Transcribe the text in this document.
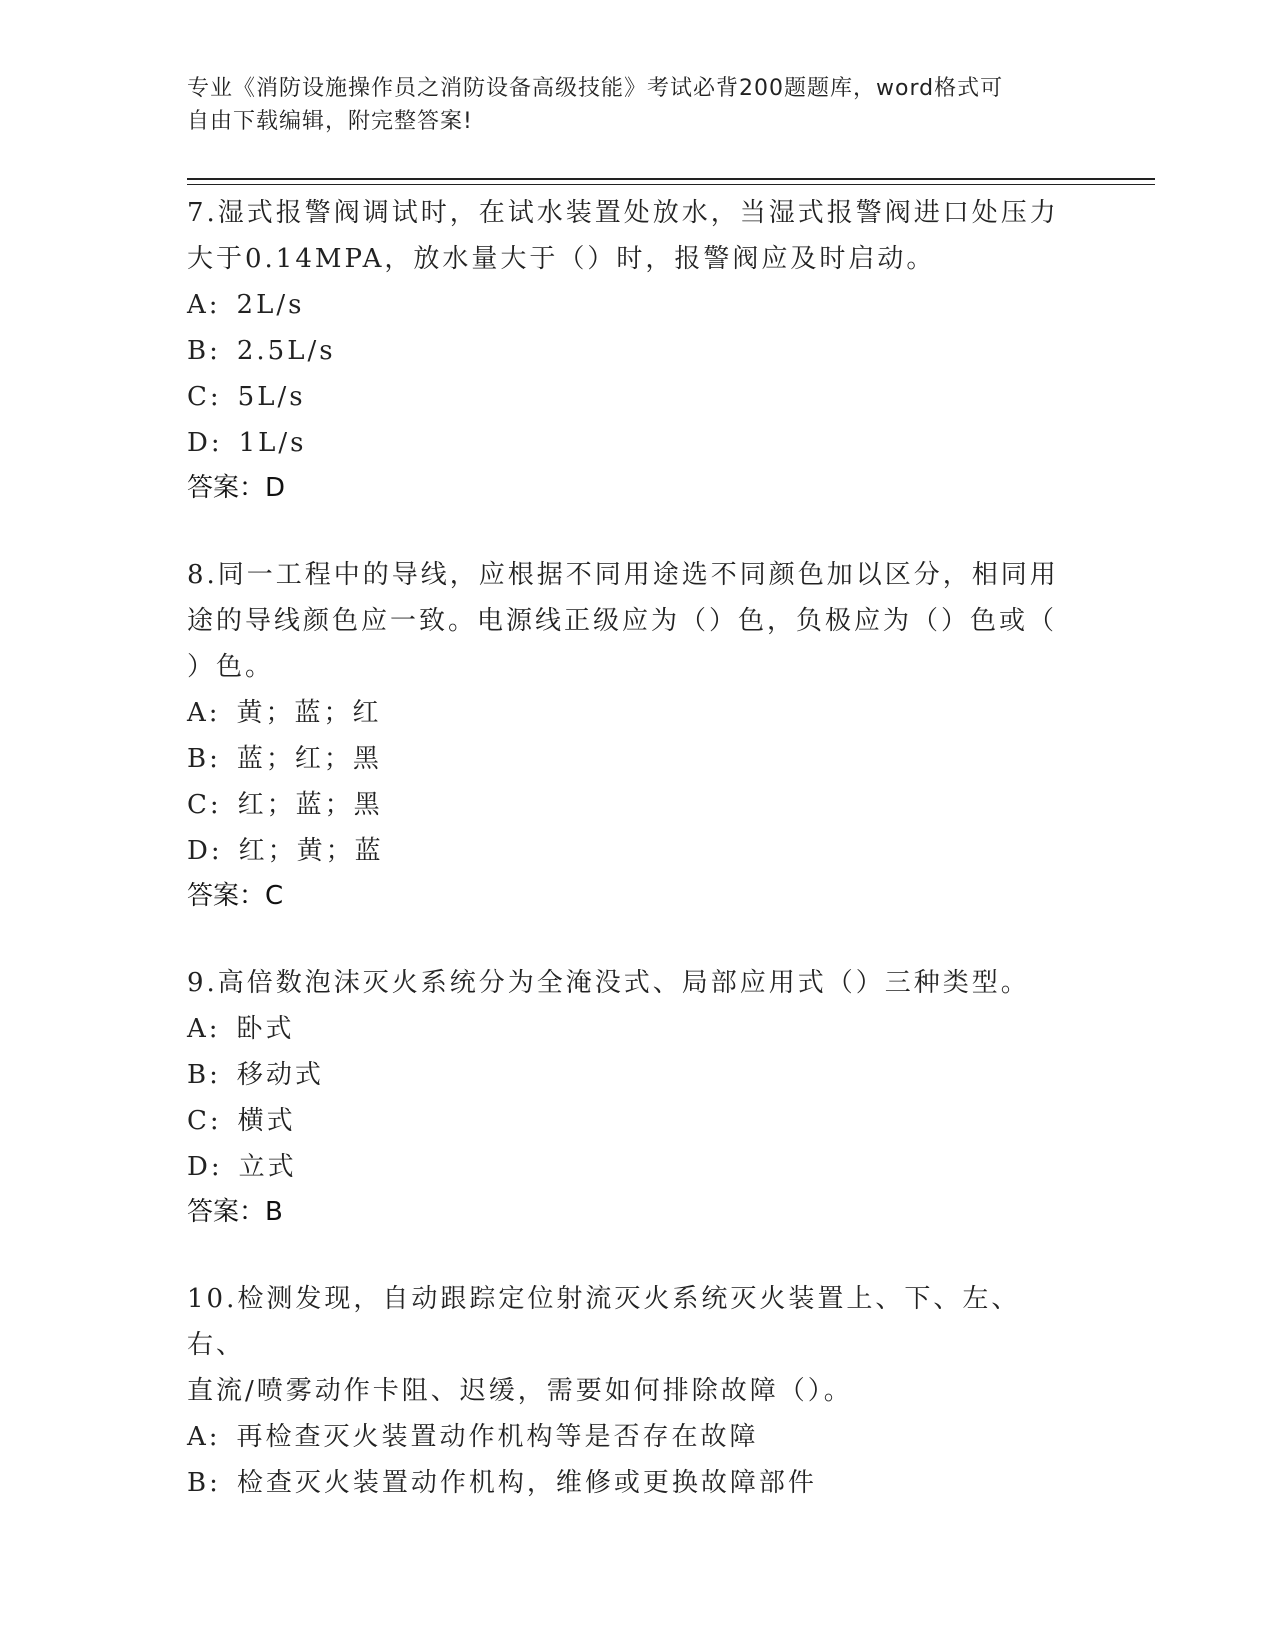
专业《消防设施操作员之消防设备高级技能》考试必背200题题库，word格式可
自由下载编辑，附完整答案!
7.湿式报警阀调试时，在试水装置处放水，当湿式报警阀进口处压力
大于0.14MPA，放水量大于（）时，报警阀应及时启动。
A: 2L/s
B: 2.5L/s
C: 5L/s
D: 1L/s
答案：D
8.同一工程中的导线，应根据不同用途选不同颜色加以区分，相同用
途的导线颜色应一致。电源线正级应为（）色，负极应为（）色或（
）色。
A: 黄；蓝；红
B: 蓝；红；黑
C: 红；蓝；黑
D: 红；黄；蓝
答案：C
9.高倍数泡沫灭火系统分为全淹没式、局部应用式（）三种类型。
A: 卧式
B: 移动式
C: 横式
D: 立式
答案：B
10.检测发现，自动跟踪定位射流灭火系统灭火装置上、下、左、右、
直流/喷雾动作卡阻、迟缓，需要如何排除故障（）。
A: 再检查灭火装置动作机构等是否存在故障
B: 检查灭火装置动作机构，维修或更换故障部件
